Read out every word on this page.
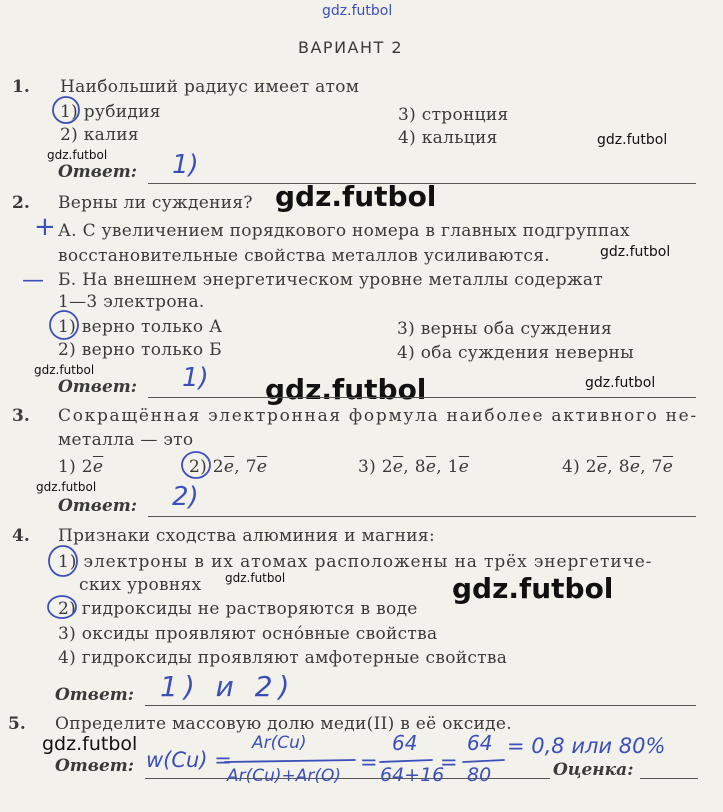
gdz.futbol
gdz.futbol
gdz.futbol
gdz.futbol
gdz.futbol
gdz.futbol
gdz.futbol	gdz.futbol
gdz.futbol
gdz.futbol	gdz.futbol
gdz.futbol
ВАРИАНТ 2
1. Наибольший радиус имеет атом
1) рубидия
2) калия
3) стронция
4) кальция
Ответ: 1)
2. Верны ли суждения?
+ А. С увеличением порядкового номера в главных подгруппах
восстановительные свойства металлов усиливаются.
— Б. На внешнем энергетическом уровне металлы содержат
1—3 электрона.
1) верно только А
2) верно только Б
3) верны оба суждения
4) оба суждения неверны
Ответ: 1)
3. Сокращённая электронная формула наиболее активного не-
металла — это
1) $2\overline{e}$	2) $2\overline{e}$, $7\overline{e}$	3) $2\overline{e}$, $8\overline{e}$, $1\overline{e}$	4) $2\overline{e}$, $8\overline{e}$, $7\overline{e}$
Ответ: 2)
4. Признаки сходства алюминия и магния:
1) электроны в их атомах расположены на трёх энергетиче-
ских уровнях
2) гидроксиды не растворяются в воде
3) оксиды проявляют осно́вные свойства
4) гидроксиды проявляют амфотерные свойства
Ответ: 1) и 2)
5. Определите массовую долю меди(II) в её оксиде.
Ответ:	Оценка:
w(Cu) =
Ar(Cu)
Ar(Cu)+Ar(O)
=
64
64+16
=
64
80
= 0,8 или 80%
